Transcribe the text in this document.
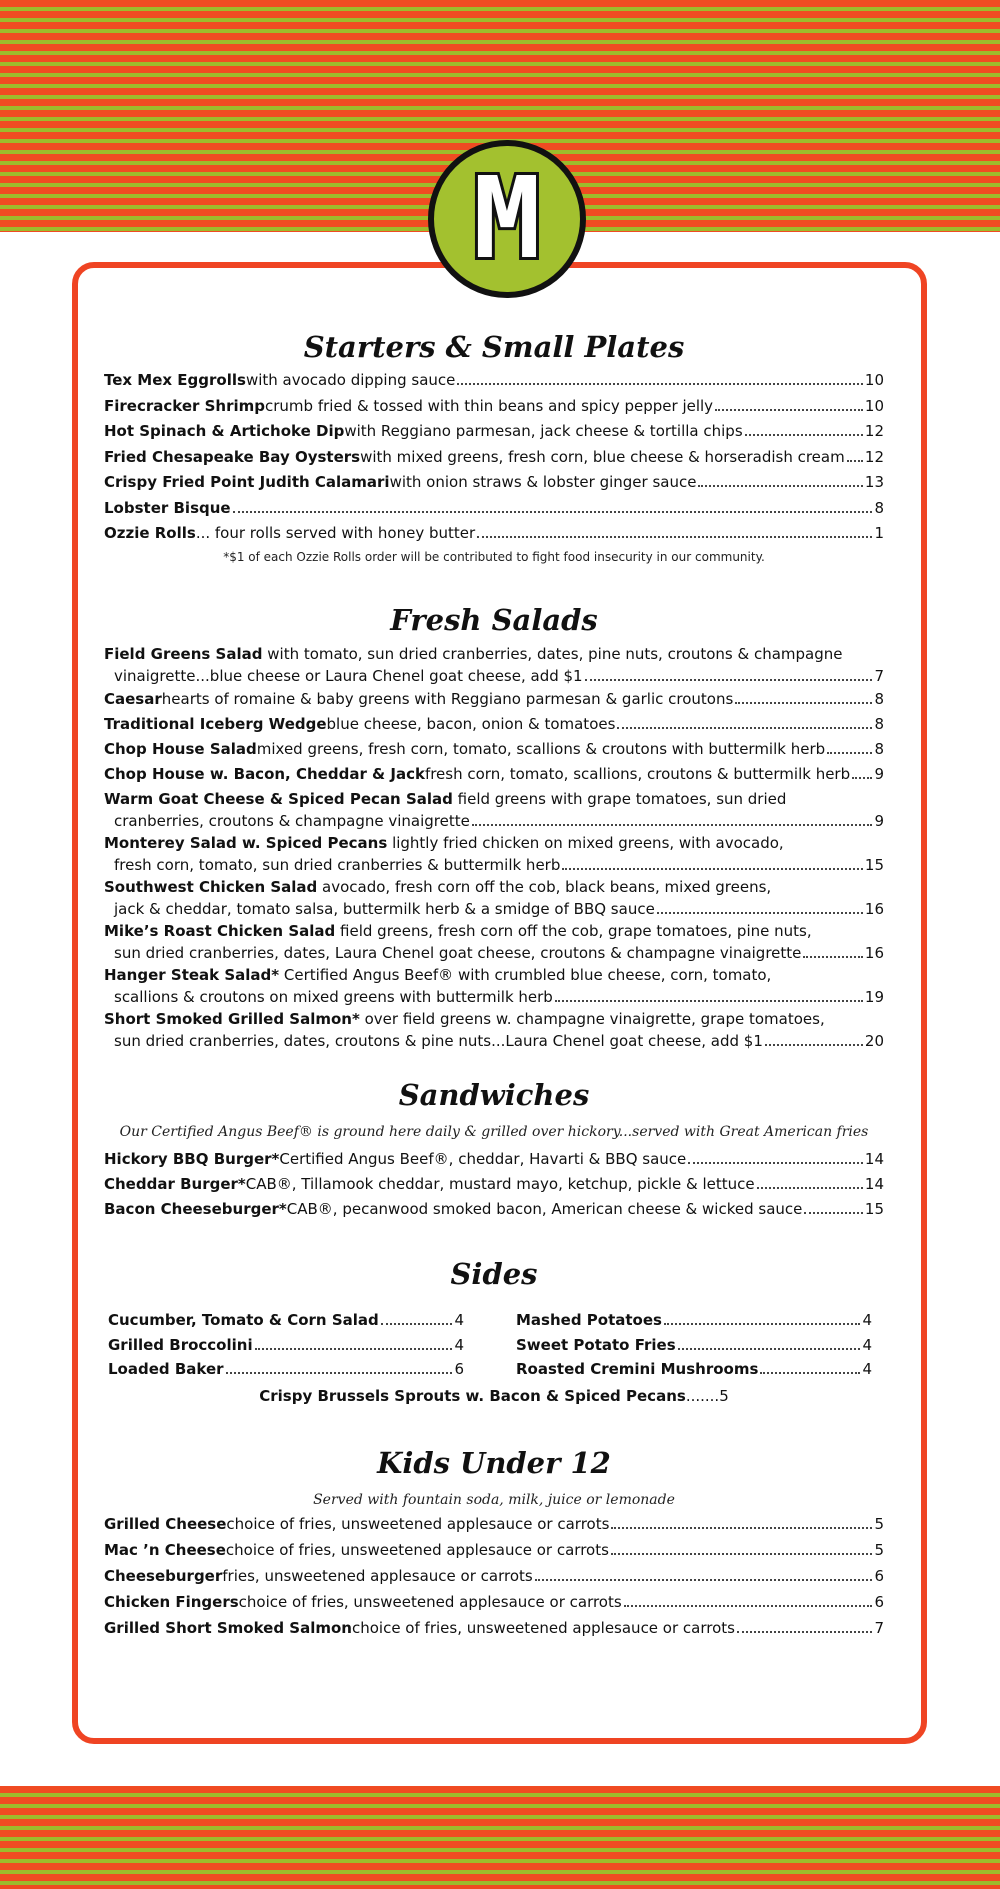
M
Starters & Small Plates
Tex Mex Eggrolls with avocado dipping sauce	10
Firecracker Shrimp crumb fried & tossed with thin beans and spicy pepper jelly	10
Hot Spinach & Artichoke Dip with Reggiano parmesan, jack cheese & tortilla chips	12
Fried Chesapeake Bay Oysters with mixed greens, fresh corn, blue cheese & horseradish cream 12
Crispy Fried Point Judith Calamari with onion straws & lobster ginger sauce	13
Lobster Bisque	8
Ozzie Rolls ... four rolls served with honey butter	1
*$1 of each Ozzie Rolls order will be contributed to fight food insecurity in our community.
Fresh Salads
Field Greens Salad with tomato, sun dried cranberries, dates, pine nuts, croutons & champagne
vinaigrette...blue cheese or Laura Chenel goat cheese, add $1	7
Caesar hearts of romaine & baby greens with Reggiano parmesan & garlic croutons	8
Traditional Iceberg Wedge blue cheese, bacon, onion & tomatoes	8
Chop House Salad mixed greens, fresh corn, tomato, scallions & croutons with buttermilk herb	8
Chop House w. Bacon, Cheddar & Jack fresh corn, tomato, scallions, croutons & buttermilk herb 9
Warm Goat Cheese & Spiced Pecan Salad field greens with grape tomatoes, sun dried
cranberries, croutons & champagne vinaigrette	9
Monterey Salad w. Spiced Pecans lightly fried chicken on mixed greens, with avocado,
fresh corn, tomato, sun dried cranberries & buttermilk herb	15
Southwest Chicken Salad avocado, fresh corn off the cob, black beans, mixed greens,
jack & cheddar, tomato salsa, buttermilk herb & a smidge of BBQ sauce	16
Mike’s Roast Chicken Salad field greens, fresh corn off the cob, grape tomatoes, pine nuts,
sun dried cranberries, dates, Laura Chenel goat cheese, croutons & champagne vinaigrette	16
Hanger Steak Salad* Certified Angus Beef® with crumbled blue cheese, corn, tomato,
scallions & croutons on mixed greens with buttermilk herb	19
Short Smoked Grilled Salmon* over field greens w. champagne vinaigrette, grape tomatoes,
sun dried cranberries, dates, croutons & pine nuts...Laura Chenel goat cheese, add $1	20
Sandwiches
Our Certified Angus Beef® is ground here daily & grilled over hickory...served with Great American fries
Hickory BBQ Burger* Certified Angus Beef®, cheddar, Havarti & BBQ sauce	14
Cheddar Burger* CAB®, Tillamook cheddar, mustard mayo, ketchup, pickle & lettuce	14
Bacon Cheeseburger* CAB®, pecanwood smoked bacon, American cheese & wicked sauce	15
Sides
Cucumber, Tomato & Corn Salad	4
Grilled Broccolini	4
Loaded Baker	6
Mashed Potatoes	4
Sweet Potato Fries	4
Roasted Cremini Mushrooms	4
Crispy Brussels Sprouts w. Bacon & Spiced Pecans.......5
Kids Under 12
Served with fountain soda, milk, juice or lemonade
Grilled Cheese choice of fries, unsweetened applesauce or carrots	5
Mac ’n Cheese choice of fries, unsweetened applesauce or carrots	5
Cheeseburger fries, unsweetened applesauce or carrots	6
Chicken Fingers choice of fries, unsweetened applesauce or carrots	6
Grilled Short Smoked Salmon choice of fries, unsweetened applesauce or carrots	7
